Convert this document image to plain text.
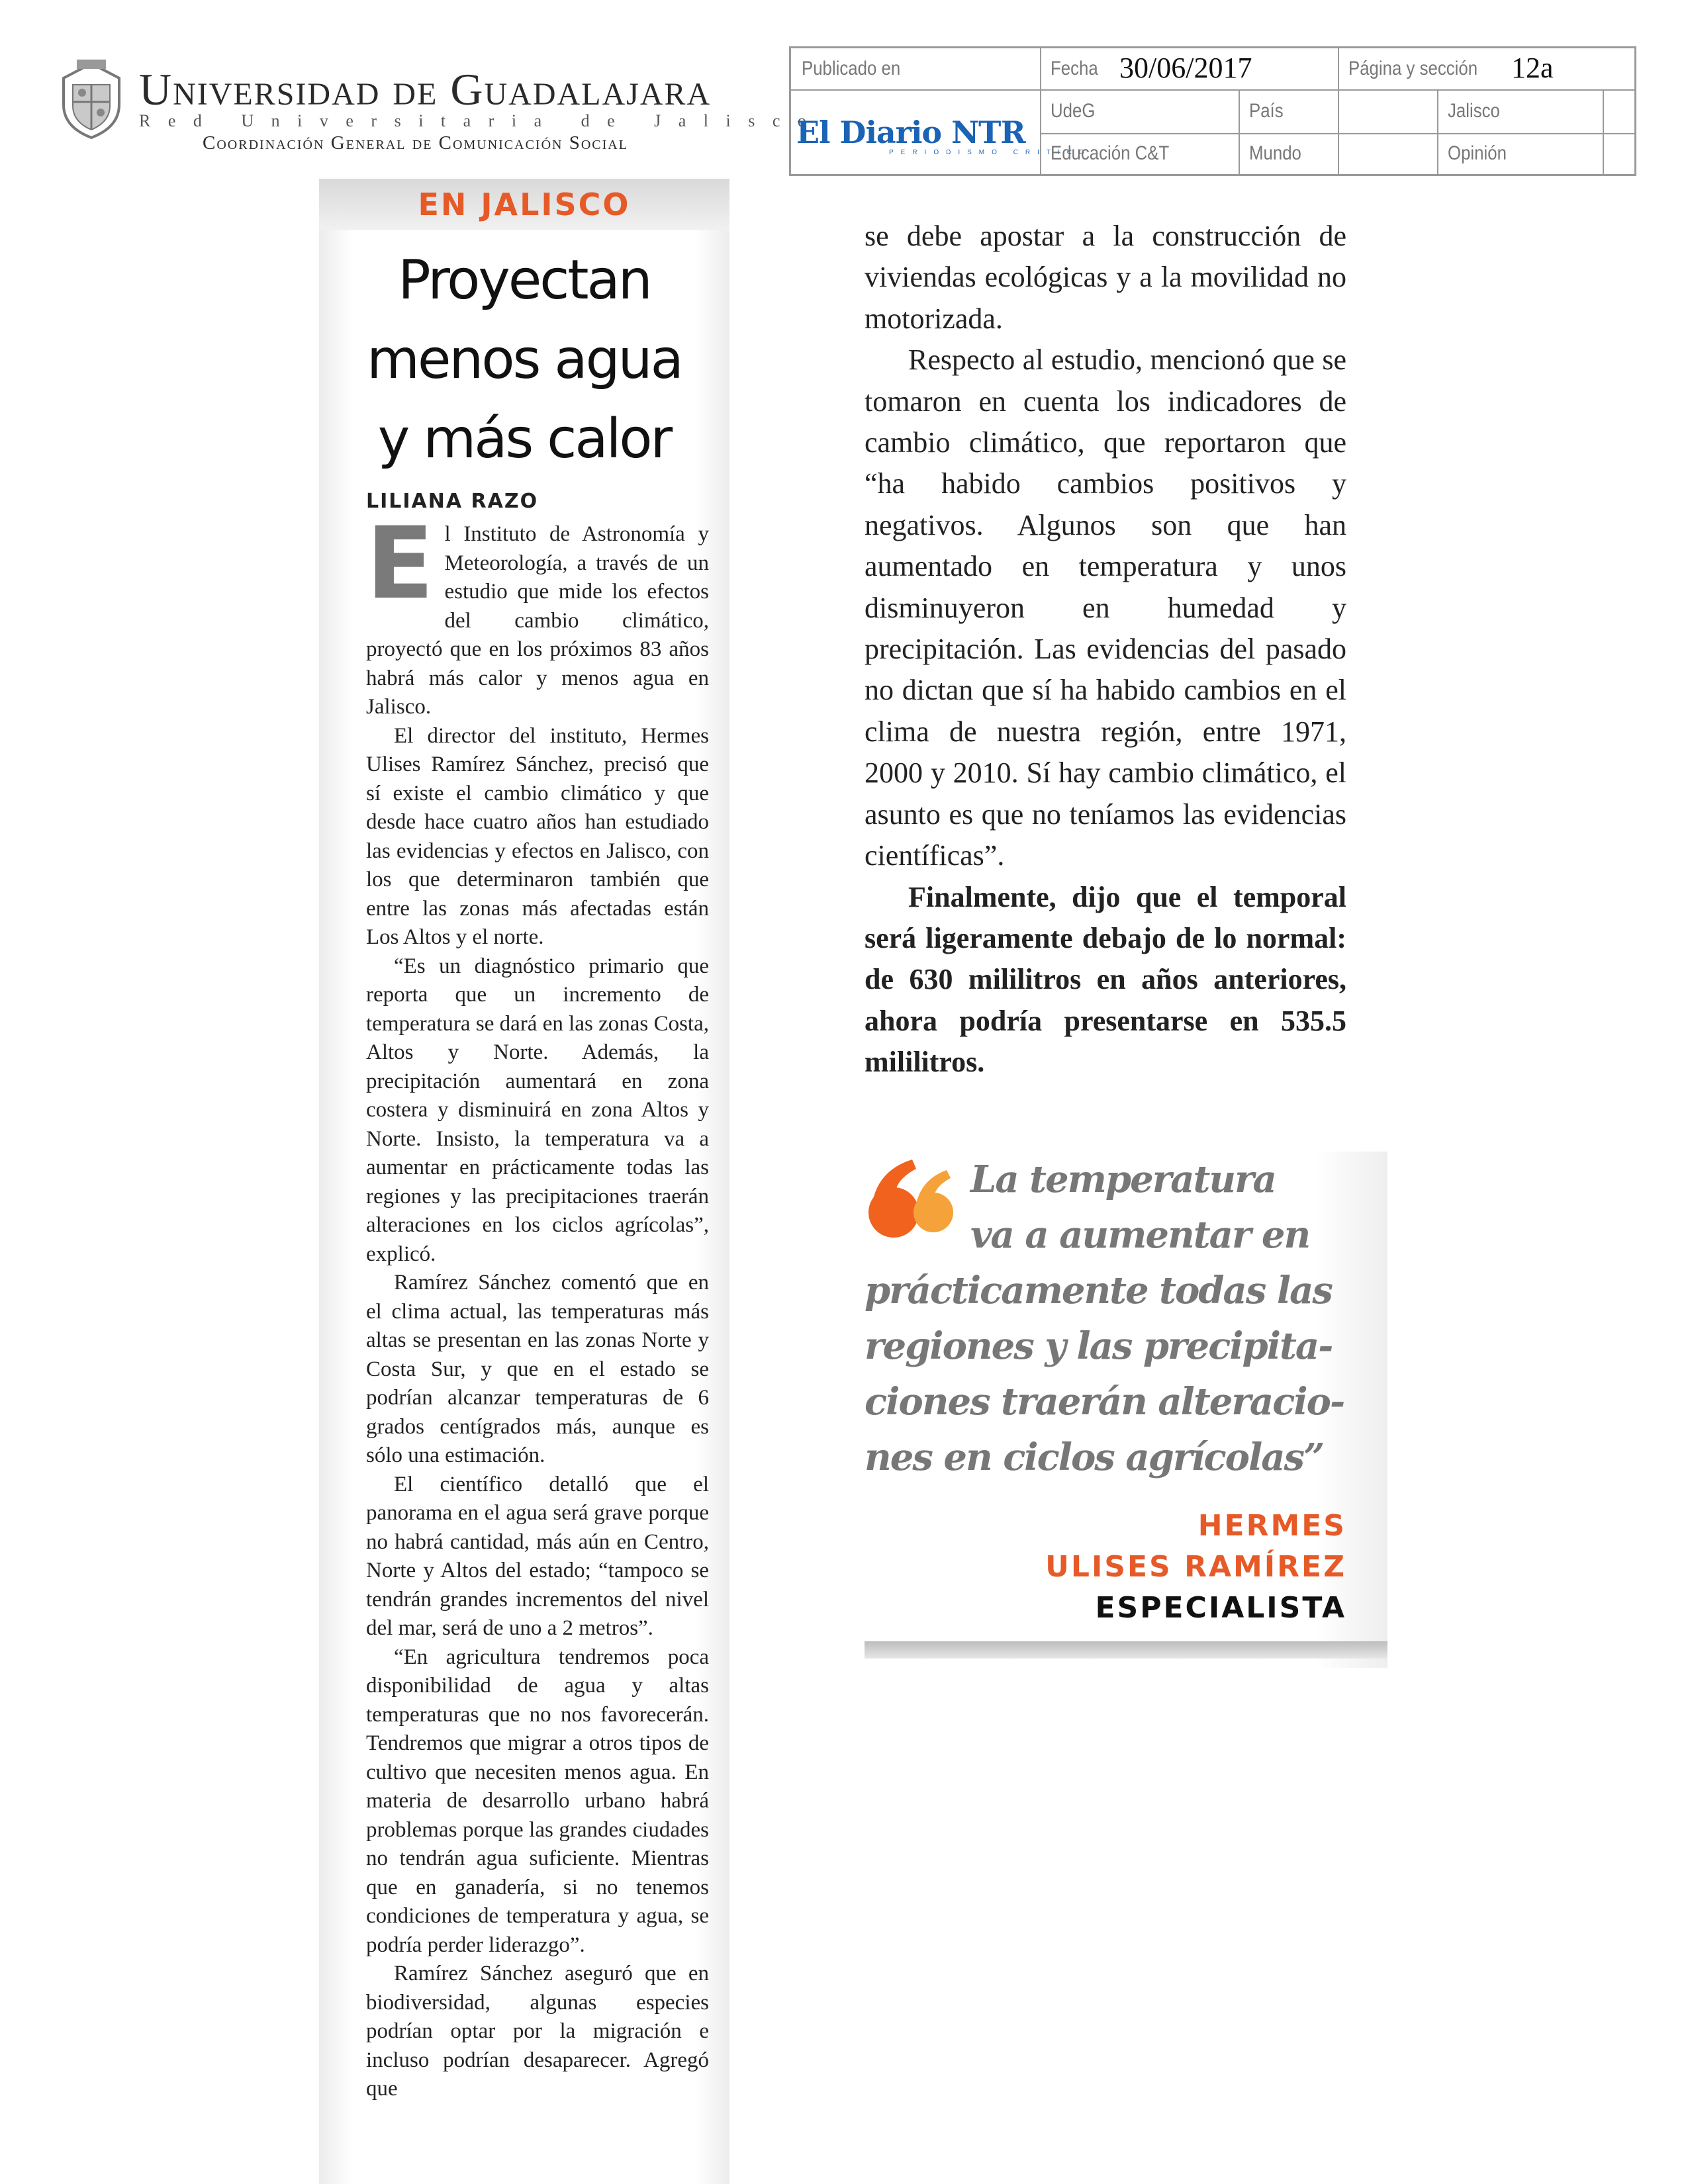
Universidad de Guadalajara
Red Universitaria de Jalisco
Coordinación General de Comunicación Social
Publicado en	Fecha 30/06/2017	Página y sección 12a
El Diario NTR
PERIODISMO CRITICO
UdeG	País	Jalisco
Educación C&T	Mundo	Opinión
EN JALISCO
Proyectan
menos agua
y más calor
LILIANA RAZO

El Instituto de Astronomía y Meteorología, a través de un estudio que mide los efectos del cambio climático, proyectó que en los próximos 83 años habrá más calor y menos agua en Jalisco.

El director del instituto, Hermes Ulises Ramírez Sánchez, precisó que sí existe el cambio climático y que desde hace cuatro años han estudiado las evidencias y efectos en Jalisco, con los que determinaron también que entre las zonas más afectadas están Los Altos y el norte.

“Es un diagnóstico primario que reporta que un incremento de temperatura se dará en las zonas Costa, Altos y Norte. Además, la precipitación aumentará en zona costera y disminuirá en zona Altos y Norte. Insisto, la temperatura va a aumentar en prácticamente todas las regiones y las precipitaciones traerán alteraciones en los ciclos agrícolas”, explicó.

Ramírez Sánchez comentó que en el clima actual, las temperaturas más altas se presentan en las zonas Norte y Costa Sur, y que en el estado se podrían alcanzar temperaturas de 6 grados centígrados más, aunque es sólo una estimación.

El científico detalló que el panorama en el agua será grave porque no habrá cantidad, más aún en Centro, Norte y Altos del estado; “tampoco se tendrán grandes incrementos del nivel del mar, será de uno a 2 metros”.

“En agricultura tendremos poca disponibilidad de agua y altas temperaturas que no nos favorecerán. Tendremos que migrar a otros tipos de cultivo que necesiten menos agua. En materia de desarrollo urbano habrá problemas porque las grandes ciudades no tendrán agua suficiente. Mientras que en ganadería, si no tenemos condiciones de temperatura y agua, se podría perder liderazgo”.

Ramírez Sánchez aseguró que en biodiversidad, algunas especies podrían optar por la migración e incluso podrían desaparecer. Agregó que

se debe apostar a la construcción de viviendas ecológicas y a la movilidad no motorizada.

Respecto al estudio, mencionó que se tomaron en cuenta los indicadores de cambio climático, que reportaron que “ha habido cambios positivos y negativos. Algunos son que han aumentado en temperatura y unos disminuyeron en humedad y precipitación. Las evidencias del pasado no dictan que sí ha habido cambios en el clima de nuestra región, entre 1971, 2000 y 2010. Sí hay cambio climático, el asunto es que no teníamos las evidencias científicas”.

Finalmente, dijo que el temporal será ligeramente debajo de lo normal: de 630 mililitros en años anteriores, ahora podría presentarse en 535.5 mililitros.

La temperatura
va a aumentar en
prácticamente todas las
regiones y las precipita-
ciones traerán alteracio-
nes en ciclos agrícolas”
HERMES
ULISES RAMÍREZ
ESPECIALISTA
